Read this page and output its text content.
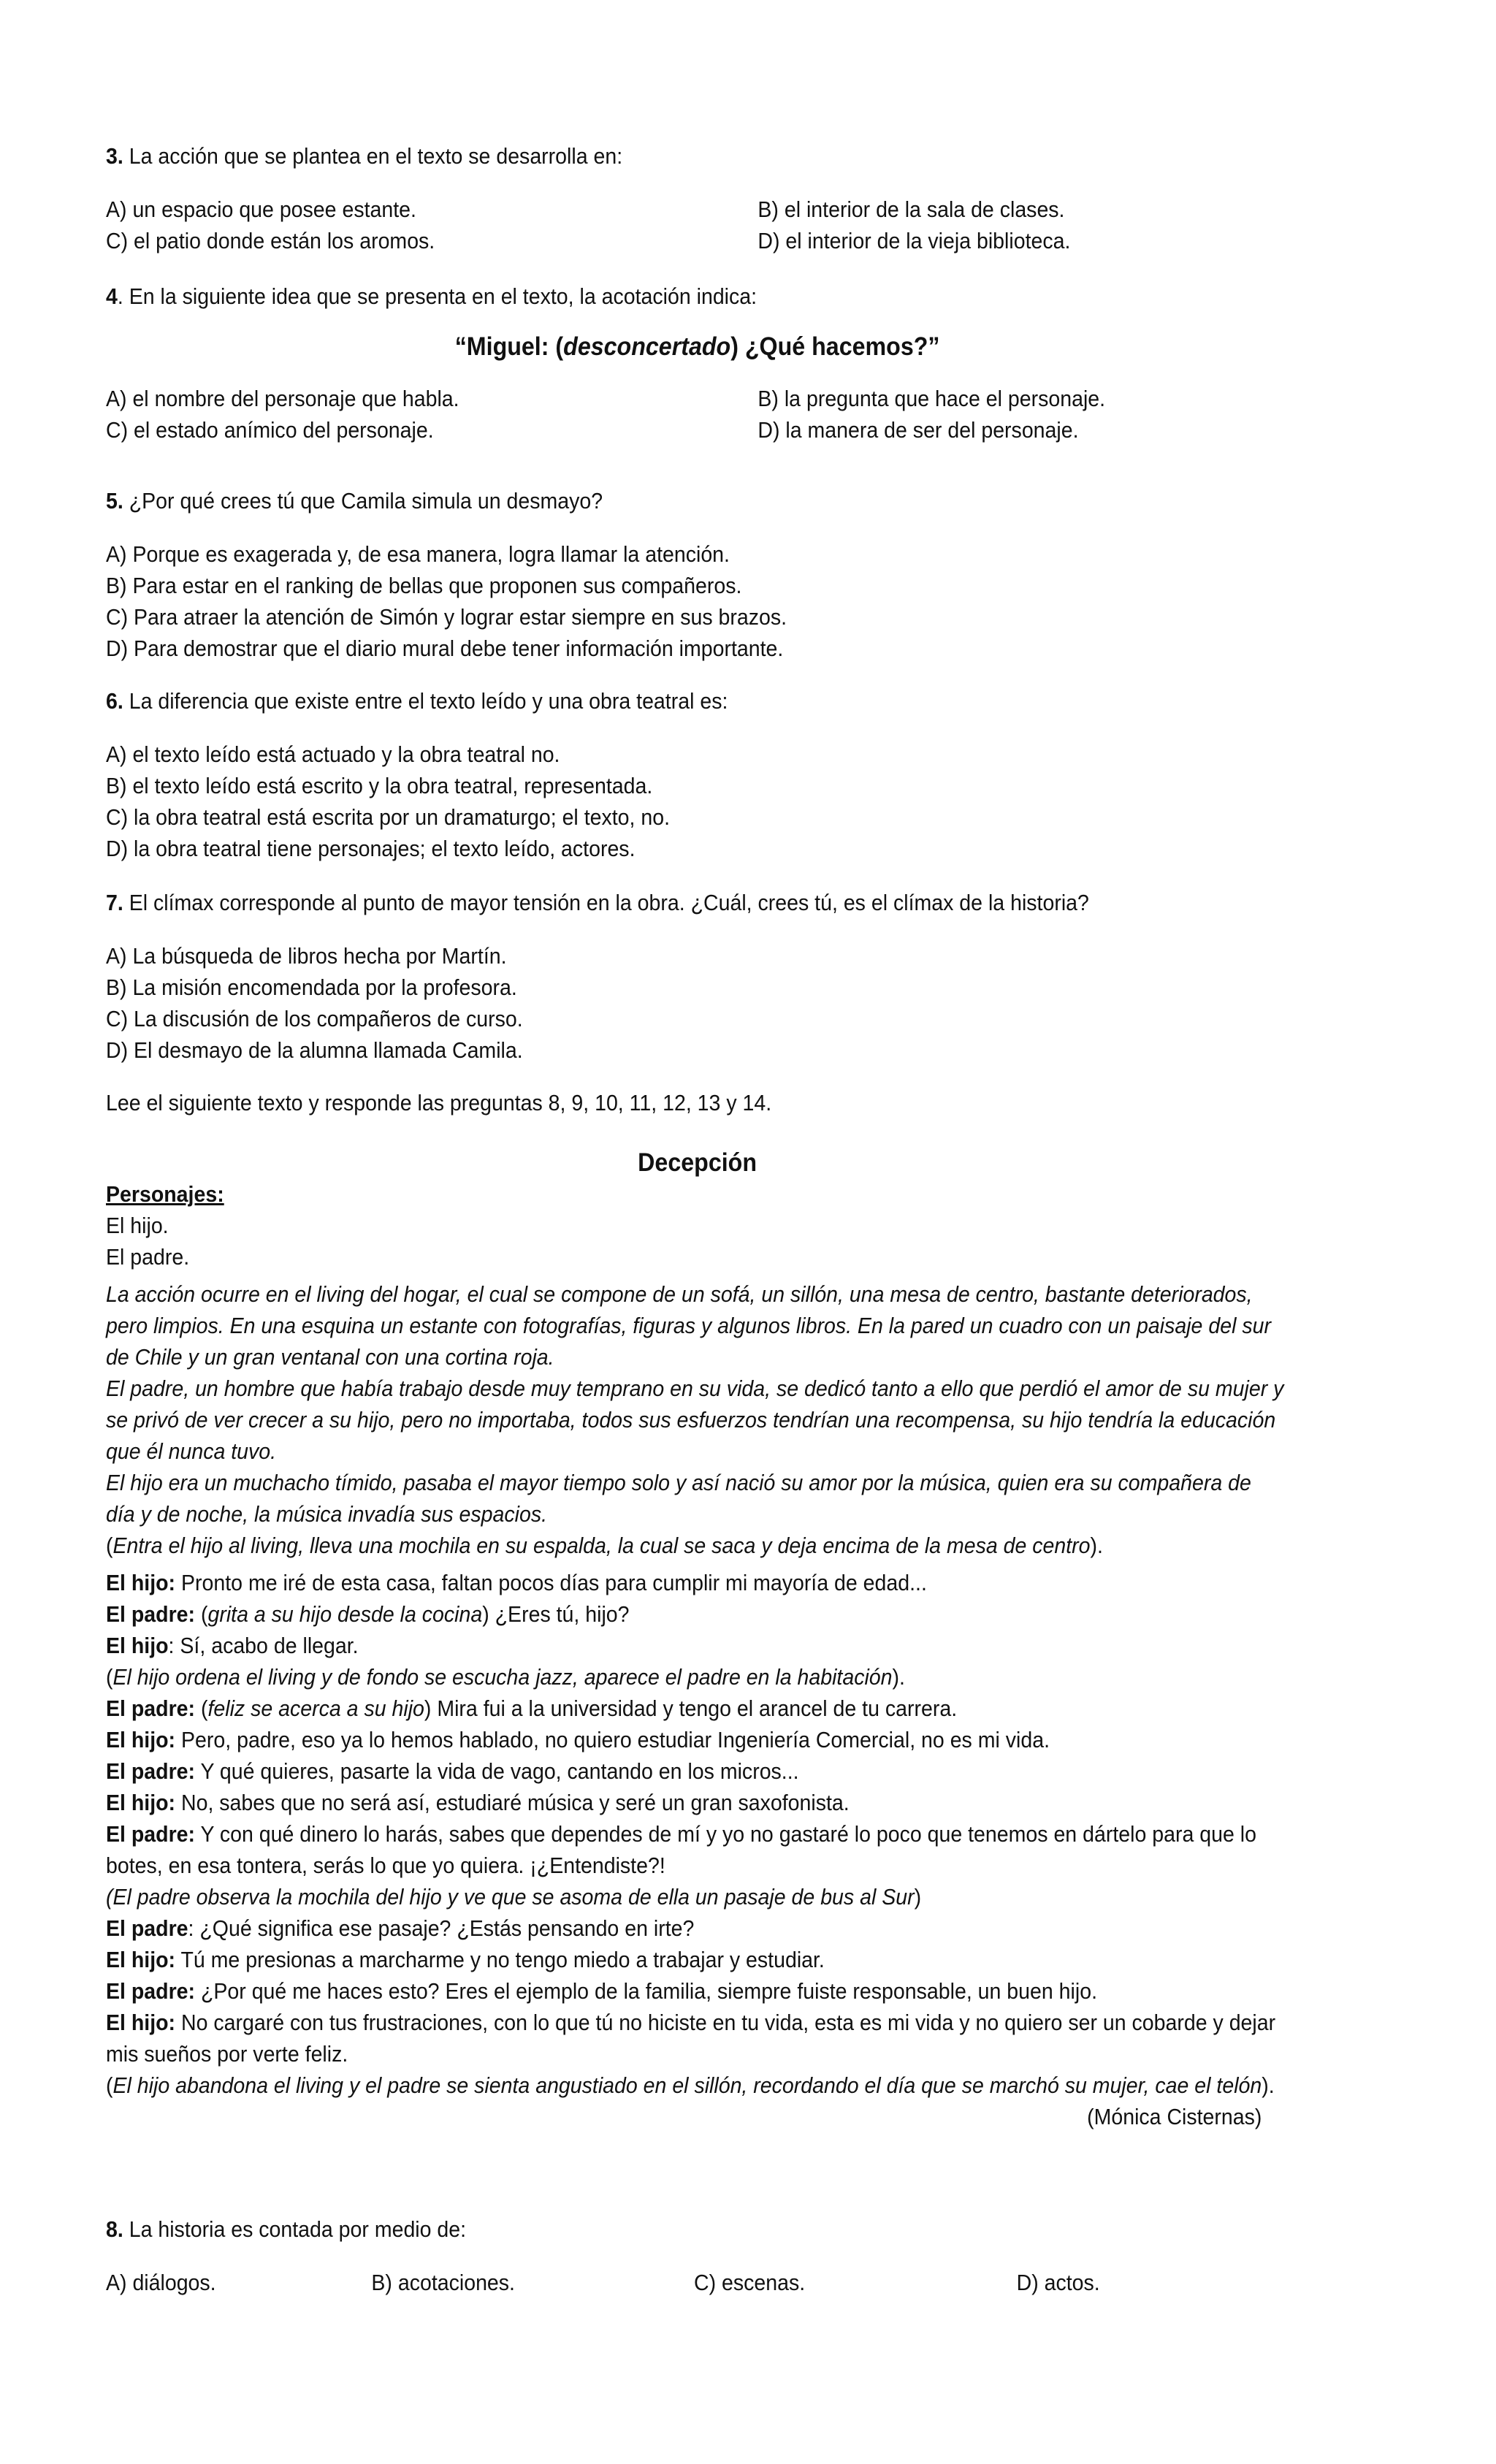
3. La acción que se plantea en el texto se desarrolla en:

A) un espacio que posee estante.	B) el interior de la sala de clases.
C) el patio donde están los aromos.	D) el interior de la vieja biblioteca.

4. En la siguiente idea que se presenta en el texto, la acotación indica:

“Miguel: (desconcertado) ¿Qué hacemos?”

A) el nombre del personaje que habla.	B) la pregunta que hace el personaje.
C) el estado anímico del personaje.	D) la manera de ser del personaje.

5. ¿Por qué crees tú que Camila simula un desmayo?

A) Porque es exagerada y, de esa manera, logra llamar la atención.
B) Para estar en el ranking de bellas que proponen sus compañeros.
C) Para atraer la atención de Simón y lograr estar siempre en sus brazos.
D) Para demostrar que el diario mural debe tener información importante.

6. La diferencia que existe entre el texto leído y una obra teatral es:

A) el texto leído está actuado y la obra teatral no.
B) el texto leído está escrito y la obra teatral, representada.
C) la obra teatral está escrita por un dramaturgo; el texto, no.
D) la obra teatral tiene personajes; el texto leído, actores.

7. El clímax corresponde al punto de mayor tensión en la obra. ¿Cuál, crees tú, es el clímax de la historia?

A) La búsqueda de libros hecha por Martín.
B) La misión encomendada por la profesora.
C) La discusión de los compañeros de curso.
D) El desmayo de la alumna llamada Camila.

Lee el siguiente texto y responde las preguntas 8, 9, 10, 11, 12, 13 y 14.

Decepción

Personajes:

El hijo.

El padre.

La acción ocurre en el living del hogar, el cual se compone de un sofá, un sillón, una mesa de centro, bastante deteriorados,

pero limpios. En una esquina un estante con fotografías, figuras y algunos libros. En la pared un cuadro con un paisaje del sur

de Chile y un gran ventanal con una cortina roja.

El padre, un hombre que había trabajo desde muy temprano en su vida, se dedicó tanto a ello que perdió el amor de su mujer y

se privó de ver crecer a su hijo, pero no importaba, todos sus esfuerzos tendrían una recompensa, su hijo tendría la educación

que él nunca tuvo.

El hijo era un muchacho tímido, pasaba el mayor tiempo solo y así nació su amor por la música, quien era su compañera de

día y de noche, la música invadía sus espacios.

(Entra el hijo al living, lleva una mochila en su espalda, la cual se saca y deja encima de la mesa de centro).

El hijo: Pronto me iré de esta casa, faltan pocos días para cumplir mi mayoría de edad...

El padre: (grita a su hijo desde la cocina) ¿Eres tú, hijo?

El hijo: Sí, acabo de llegar.

(El hijo ordena el living y de fondo se escucha jazz, aparece el padre en la habitación).

El padre: (feliz se acerca a su hijo) Mira fui a la universidad y tengo el arancel de tu carrera.

El hijo: Pero, padre, eso ya lo hemos hablado, no quiero estudiar Ingeniería Comercial, no es mi vida.

El padre: Y qué quieres, pasarte la vida de vago, cantando en los micros...

El hijo: No, sabes que no será así, estudiaré música y seré un gran saxofonista.

El padre: Y con qué dinero lo harás, sabes que dependes de mí y yo no gastaré lo poco que tenemos en dártelo para que lo

botes, en esa tontera, serás lo que yo quiera. ¡¿Entendiste?!

(El padre observa la mochila del hijo y ve que se asoma de ella un pasaje de bus al Sur)

El padre: ¿Qué significa ese pasaje? ¿Estás pensando en irte?

El hijo: Tú me presionas a marcharme y no tengo miedo a trabajar y estudiar.

El padre: ¿Por qué me haces esto? Eres el ejemplo de la familia, siempre fuiste responsable, un buen hijo.

El hijo: No cargaré con tus frustraciones, con lo que tú no hiciste en tu vida, esta es mi vida y no quiero ser un cobarde y dejar

mis sueños por verte feliz.

(El hijo abandona el living y el padre se sienta angustiado en el sillón, recordando el día que se marchó su mujer, cae el telón).

(Mónica Cisternas)

8. La historia es contada por medio de:

A) diálogos.	B) acotaciones.	C) escenas.	D) actos.
